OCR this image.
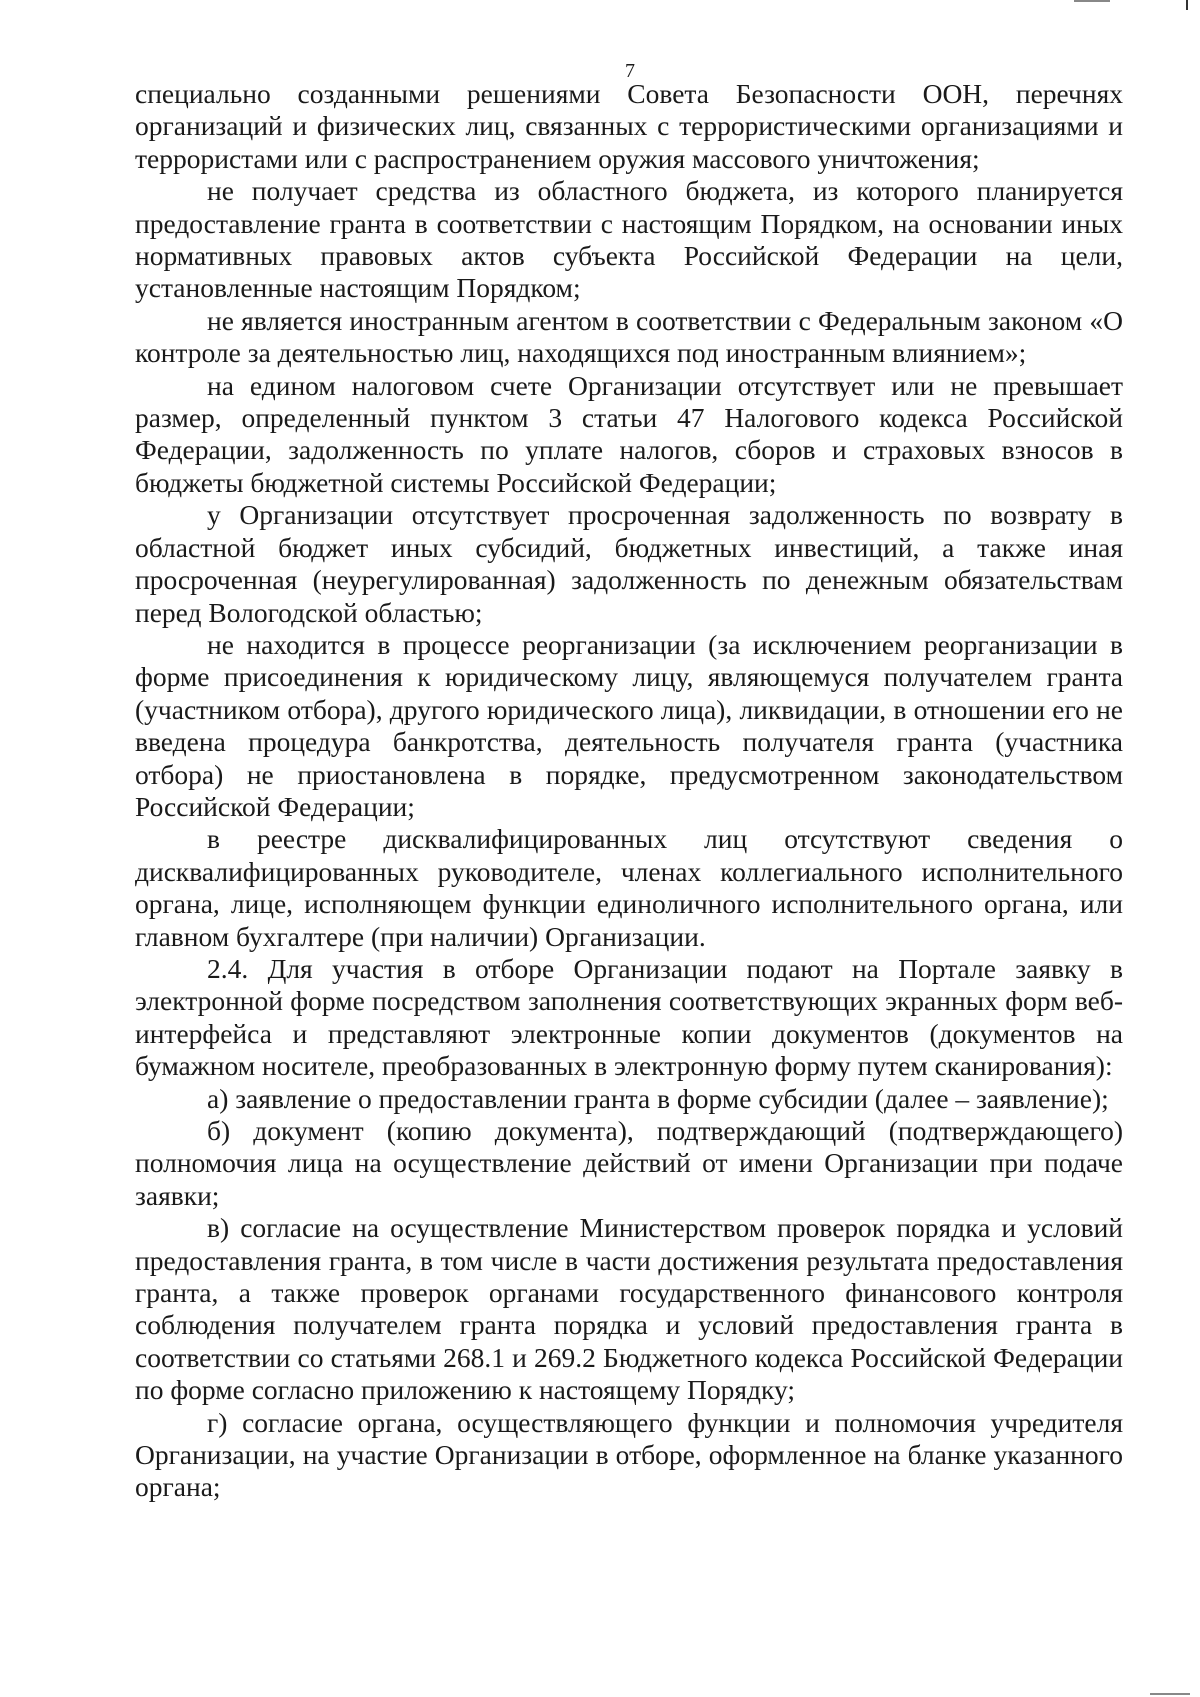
7

специально созданными решениями Совета Безопасности ООН, перечнях организаций и физических лиц, связанных с террористическими организациями и террористами или с распространением оружия массового уничтожения;

не получает средства из областного бюджета, из которого планируется предоставление гранта в соответствии с настоящим Порядком, на основании иных нормативных правовых актов субъекта Российской Федерации на цели, установленные настоящим Порядком;

не является иностранным агентом в соответствии с Федеральным законом «О контроле за деятельностью лиц, находящихся под иностранным влиянием»;

на едином налоговом счете Организации отсутствует или не превышает размер, определенный пунктом 3 статьи 47 Налогового кодекса Российской Федерации, задолженность по уплате налогов, сборов и страховых взносов в бюджеты бюджетной системы Российской Федерации;

у Организации отсутствует просроченная задолженность по возврату в областной бюджет иных субсидий, бюджетных инвестиций, а также иная просроченная (неурегулированная) задолженность по денежным обязательствам перед Вологодской областью;

не находится в процессе реорганизации (за исключением реорганизации в форме присоединения к юридическому лицу, являющемуся получателем гранта (участником отбора), другого юридического лица), ликвидации, в отношении его не введена процедура банкротства, деятельность получателя гранта (участника отбора) не приостановлена в порядке, предусмотренном законодательством Российской Федерации;

в реестре дисквалифицированных лиц отсутствуют сведения о дисквалифицированных руководителе, членах коллегиального исполнительного органа, лице, исполняющем функции единоличного исполнительного органа, или главном бухгалтере (при наличии) Организации.

2.4. Для участия в отборе Организации подают на Портале заявку в электронной форме посредством заполнения соответствующих экранных форм веб-интерфейса и представляют электронные копии документов (документов на бумажном носителе, преобразованных в электронную форму путем сканирования):

а) заявление о предоставлении гранта в форме субсидии (далее – заявление);

б) документ (копию документа), подтверждающий (подтверждающего) полномочия лица на осуществление действий от имени Организации при подаче заявки;

в) согласие на осуществление Министерством проверок порядка и условий предоставления гранта, в том числе в части достижения результата предоставления гранта, а также проверок органами государственного финансового контроля соблюдения получателем гранта порядка и условий предоставления гранта в соответствии со статьями 268.1 и 269.2 Бюджетного кодекса Российской Федерации по форме согласно приложению к настоящему Порядку;

г) согласие органа, осуществляющего функции и полномочия учредителя Организации, на участие Организации в отборе, оформленное на бланке указанного органа;
